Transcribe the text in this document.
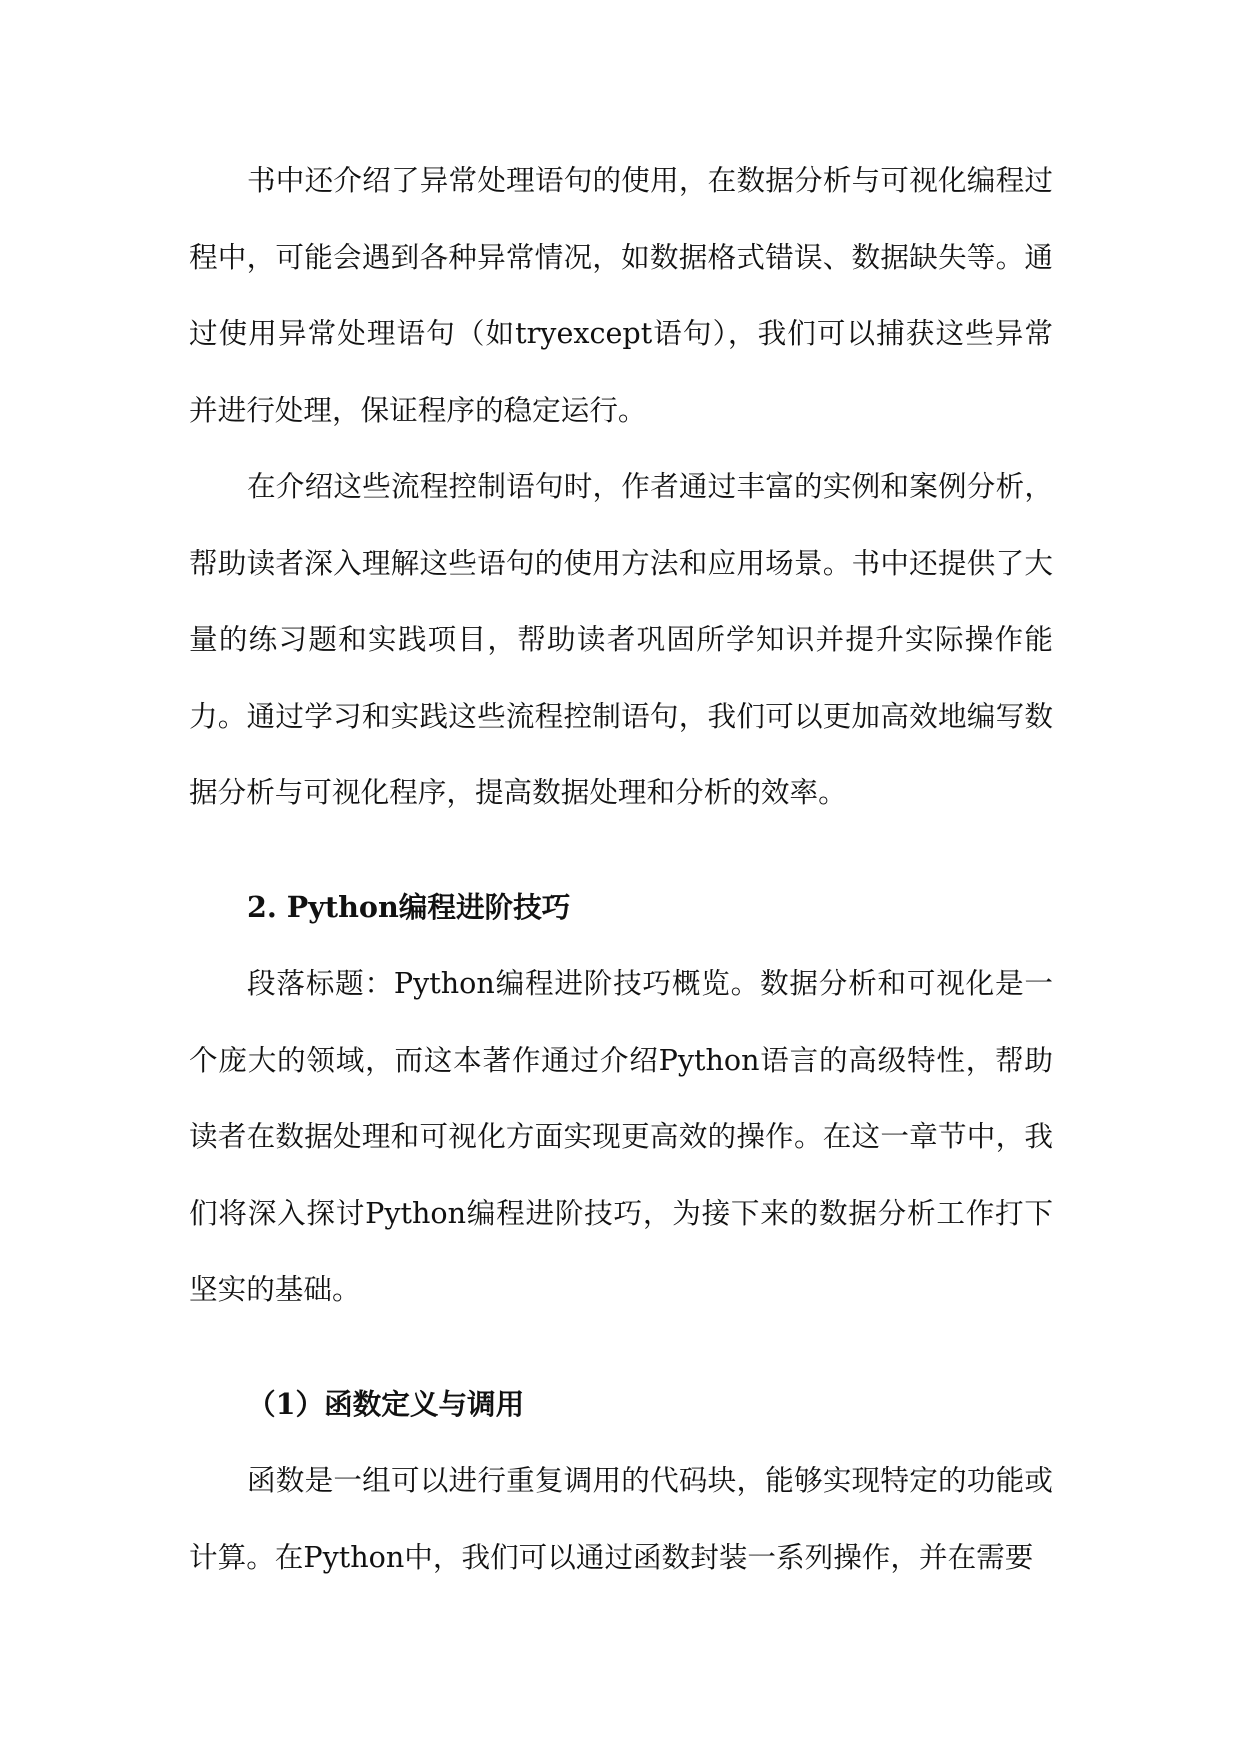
书中还介绍了异常处理语句的使用，在数据分析与可视化编程过程中，可能会遇到各种异常情况，如数据格式错误、数据缺失等。通过使用异常处理语句（如tryexcept语句），我们可以捕获这些异常并进行处理，保证程序的稳定运行。

在介绍这些流程控制语句时，作者通过丰富的实例和案例分析，帮助读者深入理解这些语句的使用方法和应用场景。书中还提供了大量的练习题和实践项目，帮助读者巩固所学知识并提升实际操作能力。通过学习和实践这些流程控制语句，我们可以更加高效地编写数据分析与可视化程序，提高数据处理和分析的效率。

2. Python编程进阶技巧

段落标题：Python编程进阶技巧概览。数据分析和可视化是一个庞大的领域，而这本著作通过介绍Python语言的高级特性，帮助读者在数据处理和可视化方面实现更高效的操作。在这一章节中，我们将深入探讨Python编程进阶技巧，为接下来的数据分析工作打下坚实的基础。

（1）函数定义与调用

函数是一组可以进行重复调用的代码块，能够实现特定的功能或计算。在Python中，我们可以通过函数封装一系列操作，并在需要
